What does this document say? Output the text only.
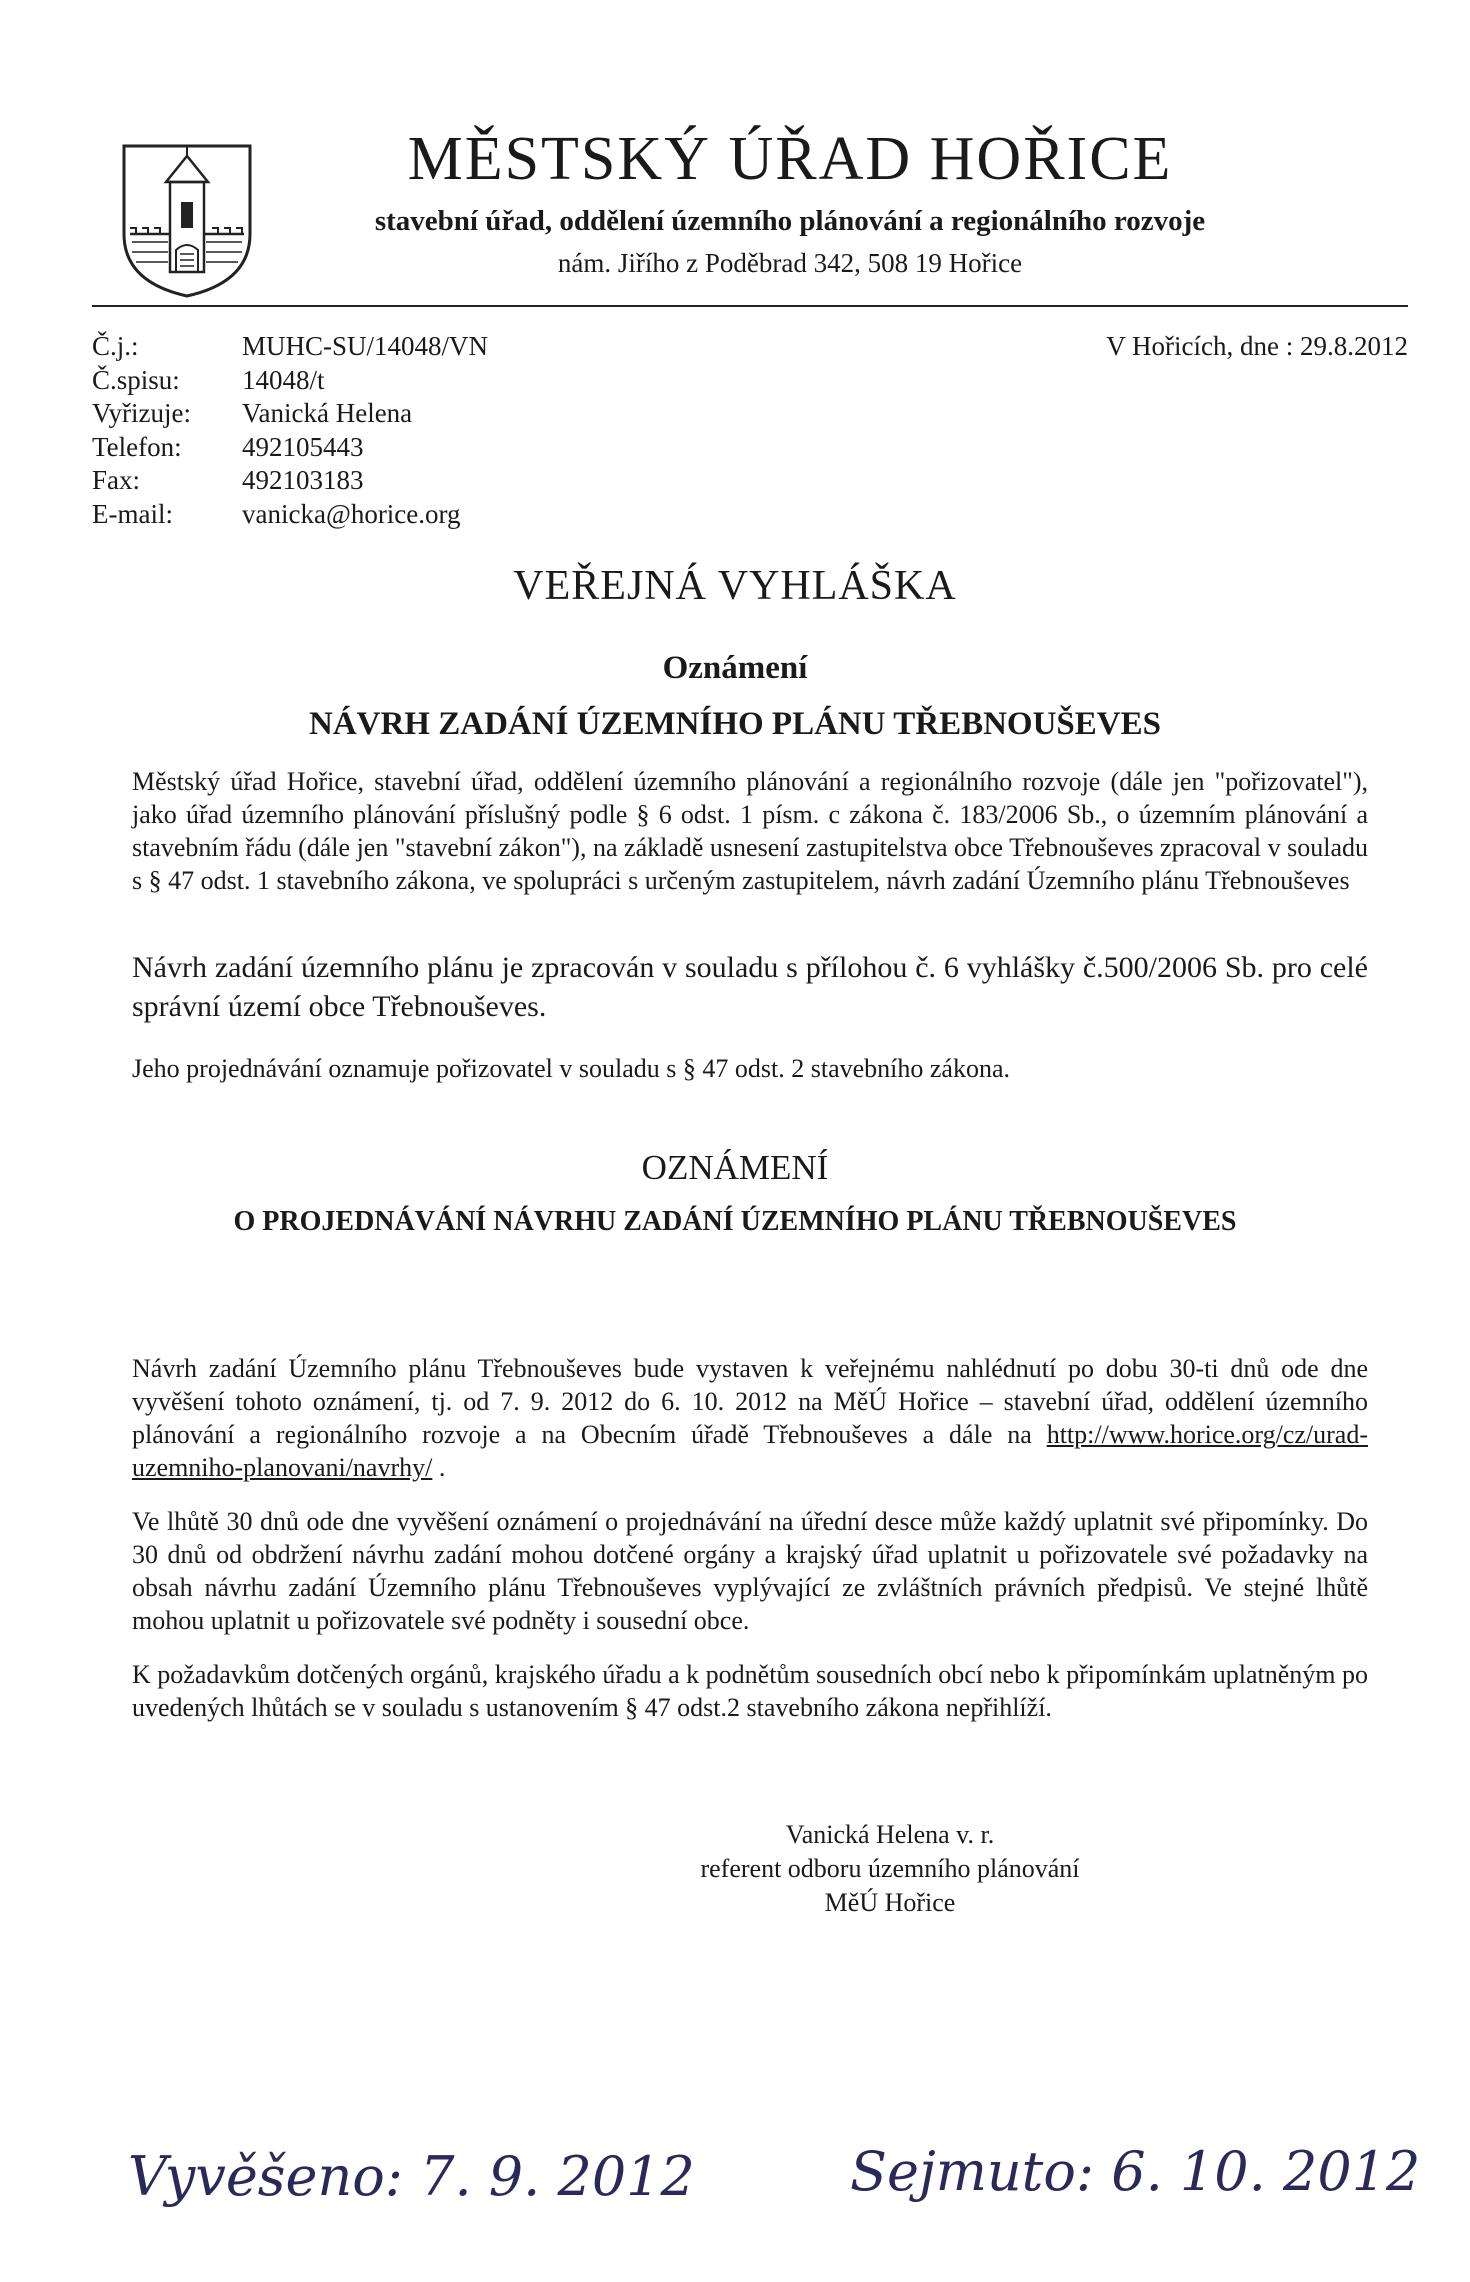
MĚSTSKÝ ÚŘAD HOŘICE
stavební úřad, oddělení územního plánování a regionálního rozvoje
nám. Jiřího z Poděbrad 342, 508 19 Hořice
Č.j.:	MUHC-SU/14048/VN
Č.spisu:	14048/t
Vyřizuje:	Vanická Helena
Telefon:	492105443
Fax:	492103183
E-mail:	vanicka@horice.org
V Hořicích, dne : 29.8.2012
VEŘEJNÁ VYHLÁŠKA
Oznámení
NÁVRH ZADÁNÍ ÚZEMNÍHO PLÁNU TŘEBNOUŠEVES
Městský úřad Hořice, stavební úřad, oddělení územního plánování a regionálního rozvoje (dále jen "pořizovatel"), jako úřad územního plánování příslušný podle § 6 odst. 1 písm. c zákona č. 183/2006 Sb., o územním plánování a stavebním řádu (dále jen "stavební zákon"), na základě usnesení zastupitelstva obce Třebnouševes zpracoval v souladu s § 47 odst. 1 stavebního zákona, ve spolupráci s určeným zastupitelem, návrh zadání Územního plánu Třebnouševes
Návrh zadání územního plánu je zpracován v souladu s přílohou č. 6 vyhlášky č.500/2006 Sb. pro celé správní území obce Třebnouševes.
Jeho projednávání oznamuje pořizovatel v souladu s § 47 odst. 2 stavebního zákona.
OZNÁMENÍ
O PROJEDNÁVÁNÍ NÁVRHU ZADÁNÍ ÚZEMNÍHO PLÁNU TŘEBNOUŠEVES
Návrh zadání Územního plánu Třebnouševes bude vystaven k veřejnému nahlédnutí po dobu 30-ti dnů ode dne vyvěšení tohoto oznámení, tj. od 7. 9. 2012 do 6. 10. 2012 na MěÚ Hořice – stavební úřad, oddělení územního plánování a regionálního rozvoje a na Obecním úřadě Třebnouševes a dále na http://www.horice.org/cz/urad-uzemniho-planovani/navrhy/ .
Ve lhůtě 30 dnů ode dne vyvěšení oznámení o projednávání na úřední desce může každý uplatnit své připomínky. Do 30 dnů od obdržení návrhu zadání mohou dotčené orgány a krajský úřad uplatnit u pořizovatele své požadavky na obsah návrhu zadání Územního plánu Třebnouševes vyplývající ze zvláštních právních předpisů. Ve stejné lhůtě mohou uplatnit u pořizovatele své podněty i sousední obce.
K požadavkům dotčených orgánů, krajského úřadu a k podnětům sousedních obcí nebo k připomínkám uplatněným po uvedených lhůtách se v souladu s ustanovením § 47 odst.2 stavebního zákona nepřihlíží.
Vanická Helena v. r.
referent odboru územního plánování
MěÚ Hořice
Vyvěšeno: 7. 9. 2012	Sejmuto: 6. 10. 2012
